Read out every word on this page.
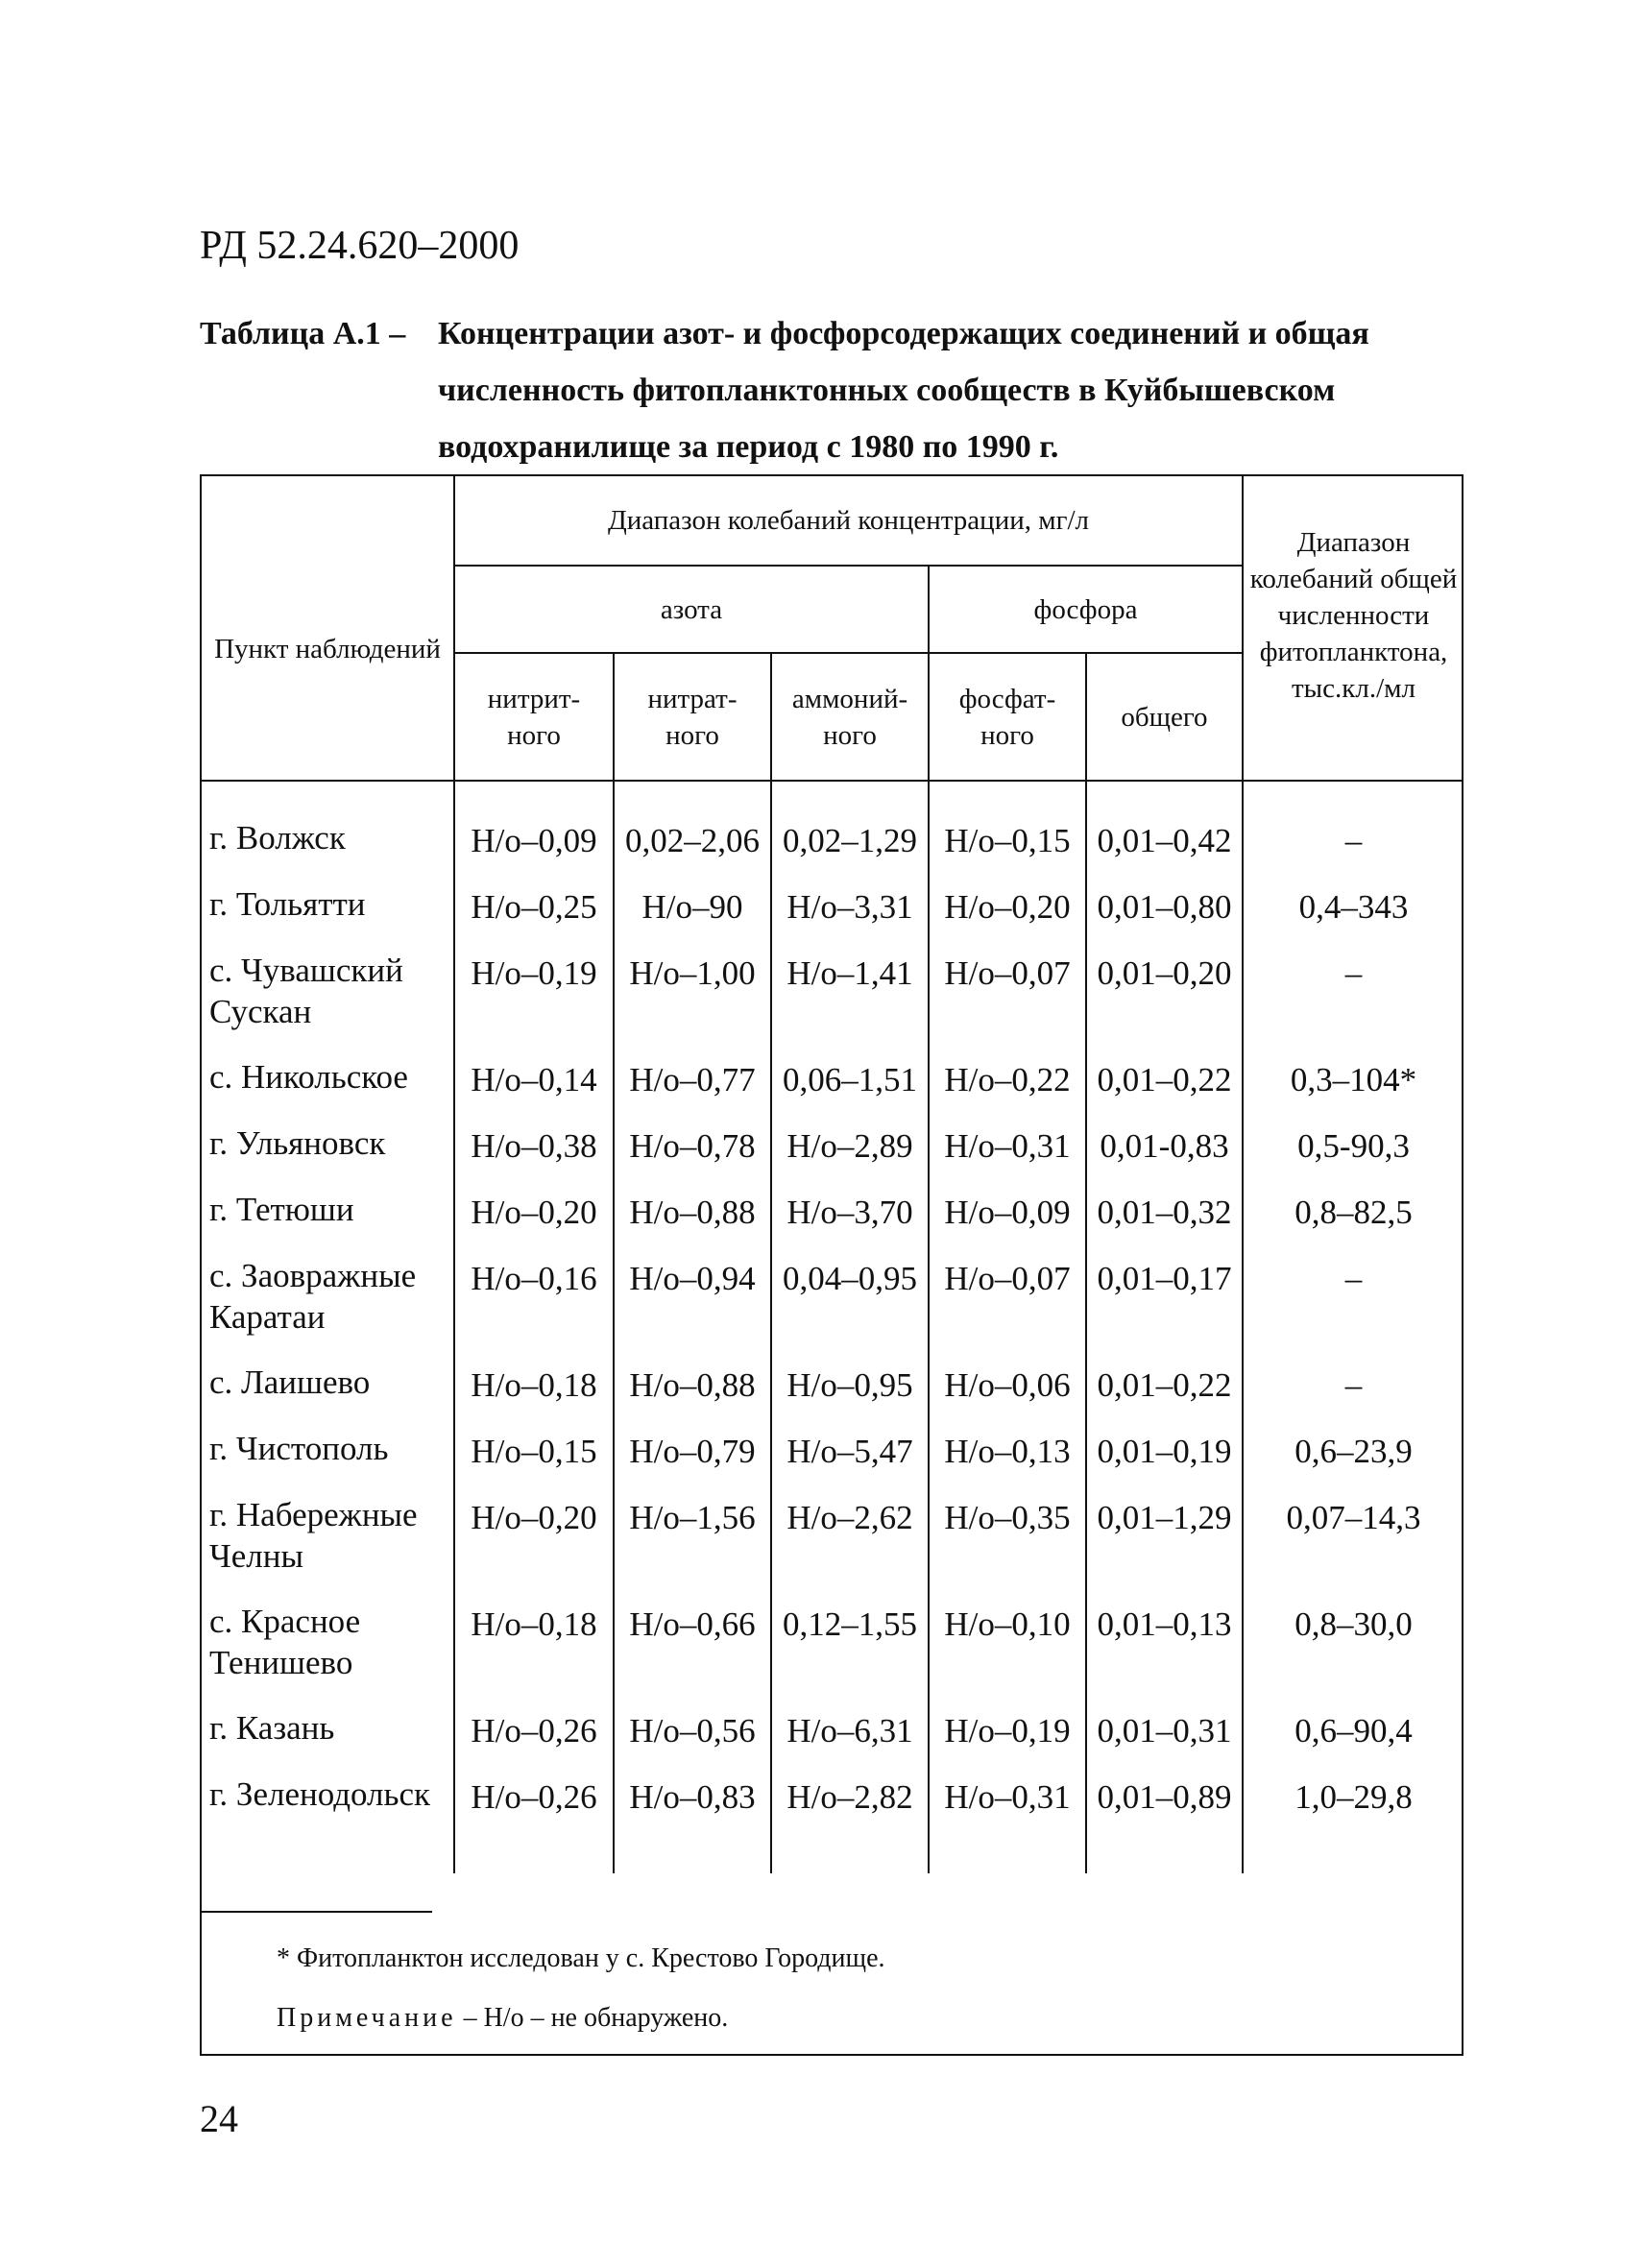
РД 52.24.620–2000
Таблица А.1 – Концентрации азот- и фосфорсодержащих соединений и общая
численность фитопланктонных сообществ в Куйбышевском
водохранилище за период с 1980 по 1990 г.
Пункт наблюдений
Диапазон колебаний концентрации, мг/л
азота	фосфора
нитрит-ного
нитрат-ного
аммоний-ного
фосфат-ного
общего
Диапазон колебаний общей численности фитопланктона, тыс.кл./мл
г. Волжск	Н/о–0,09 0,02–2,06 0,02–1,29 Н/о–0,15 0,01–0,42	–
г. Тольятти	Н/о–0,25	Н/о–90	Н/о–3,31 Н/о–0,20 0,01–0,80	0,4–343
с. Чувашский Сускан
Н/о–0,19 Н/о–1,00 Н/о–1,41 Н/о–0,07 0,01–0,20	–
с. Никольское	Н/о–0,14 Н/о–0,77 0,06–1,51 Н/о–0,22 0,01–0,22	0,3–104*
г. Ульяновск	Н/о–0,38 Н/о–0,78 Н/о–2,89 Н/о–0,31 0,01-0,83	0,5-90,3
г. Тетюши	Н/о–0,20 Н/о–0,88 Н/о–3,70 Н/о–0,09 0,01–0,32	0,8–82,5
с. Заовражные Каратаи
Н/о–0,16 Н/о–0,94 0,04–0,95 Н/о–0,07 0,01–0,17	–
с. Лаишево	Н/о–0,18 Н/о–0,88 Н/о–0,95 Н/о–0,06 0,01–0,22	–
г. Чистополь	Н/о–0,15 Н/о–0,79 Н/о–5,47 Н/о–0,13 0,01–0,19	0,6–23,9
г. Набережные Челны
Н/о–0,20 Н/о–1,56 Н/о–2,62 Н/о–0,35 0,01–1,29	0,07–14,3
с. Красное Тенишево
Н/о–0,18 Н/о–0,66 0,12–1,55 Н/о–0,10 0,01–0,13	0,8–30,0
г. Казань	Н/о–0,26 Н/о–0,56 Н/о–6,31 Н/о–0,19 0,01–0,31	0,6–90,4
г. Зеленодольск	Н/о–0,26 Н/о–0,83 Н/о–2,82 Н/о–0,31 0,01–0,89	1,0–29,8
* Фитопланктон исследован у с. Крестово Городище.
Примечание – Н/о – не обнаружено.
24
